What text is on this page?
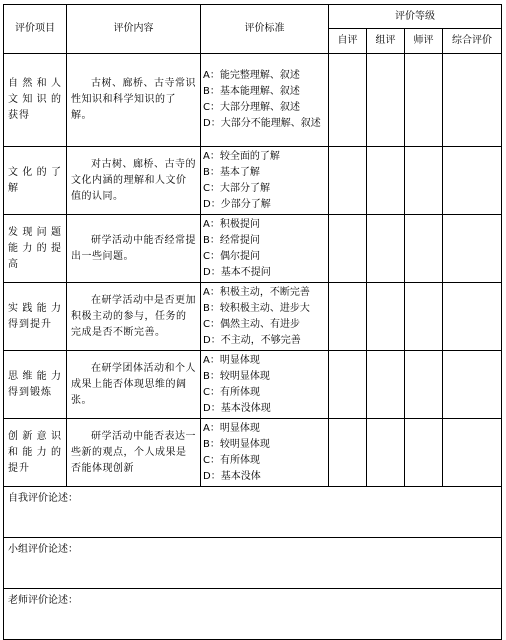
评价项目	评价内容	评价标准	评价等级			
			自评	组评	师评	综合评价
自然和人文知识的获得	古树、廊桥、古寺常识性知识和科学知识的了解。	A：能完整理解、叙述
B：基本能理解、叙述
C：大部分理解、叙述
D：大部分不能理解、叙述				

文化的了解	对古树、廊桥、古寺的文化内涵的理解和人文价值的认同。	A：较全面的了解
B：基本了解
C：大部分了解
D：少部分了解				

发现问题能力的提高	研学活动中能否经常提出一些问题。	A：积极提问
B：经常提问
C：偶尔提问
D：基本不提问				

实践能力得到提升	在研学活动中是否更加积极主动的参与，任务的完成是否不断完善。	A：积极主动，不断完善
B：较积极主动、进步大
C：偶然主动、有进步
D：不主动，不够完善				

思维能力得到锻炼	在研学团体活动和个人成果上能否体现思维的阔张。	A：明显体现
B：较明显体现
C：有所体现
D：基本没体现				

创新意识和能力的提升	研学活动中能否表达一些新的观点，个人成果是否能体现创新	A：明显体现
B：较明显体现
C：有所体现
D：基本没体				

自我评价论述：						
小组评价论述：						
老师评价论述：						
